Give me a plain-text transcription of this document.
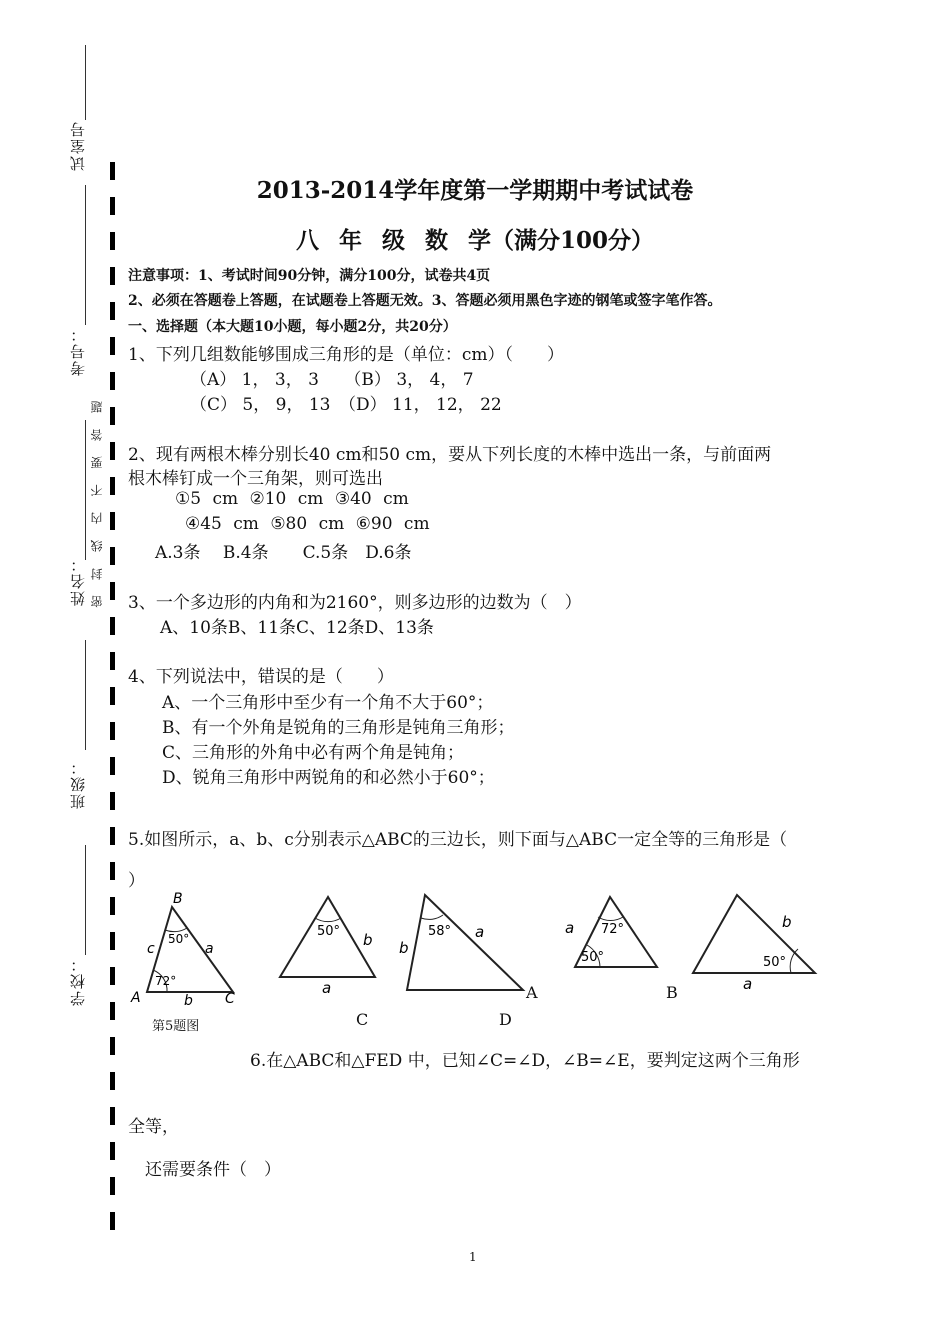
试室号
考号：
密 封 线 内 不 要 答 题
姓名：
班级：
学校：
2013-2014学年度第一学期期中考试试卷
八 年 级 数 学（满分100分）
注意事项：1、考试时间90分钟，满分100分，试卷共4页
2、必须在答题卷上答题，在试题卷上答题无效。3、答题必须用黑色字迹的钢笔或签字笔作答。
一、选择题（本大题10小题，每小题2分，共20分）
1、下列几组数能够围成三角形的是（单位：cm）（　　）
（A） 1， 3， 3　　（B） 3， 4， 7
（C） 5， 9， 13　（D） 11， 12， 22
2、现有两根木棒分别长40 cm和50 cm，要从下列长度的木棒中选出一条，与前面两
根木棒钉成一个三角架，则可选出
①5 cm ②10 cm ③40 cm
④45 cm ⑤80 cm ⑥90 cm
A.3条　 B.4条　　C.5条　D.6条
3、一个多边形的内角和为2160°，则多边形的边数为（　）
A、10条B、11条C、12条D、13条
4、下列说法中，错误的是（　　）
A、一个三角形中至少有一个角不大于60°；
B、有一个外角是锐角的三角形是钝角三角形；
C、三角形的外角中必有两个角是钝角；
D、锐角三角形中两锐角的和必然小于60°；
5.如图所示，a、b、c分别表示△ABC的三边长，则下面与△ABC一定全等的三角形是（
）
B
A	C
c	a
b
50°
72°
50° b
a
58°
b
a	72°
50°
a
50°
b
a
第5题图	C	D
A	B
6.在△ABC和△FED 中，已知∠C=∠D，∠B=∠E，要判定这两个三角形
全等，
还需要条件（　）
1
